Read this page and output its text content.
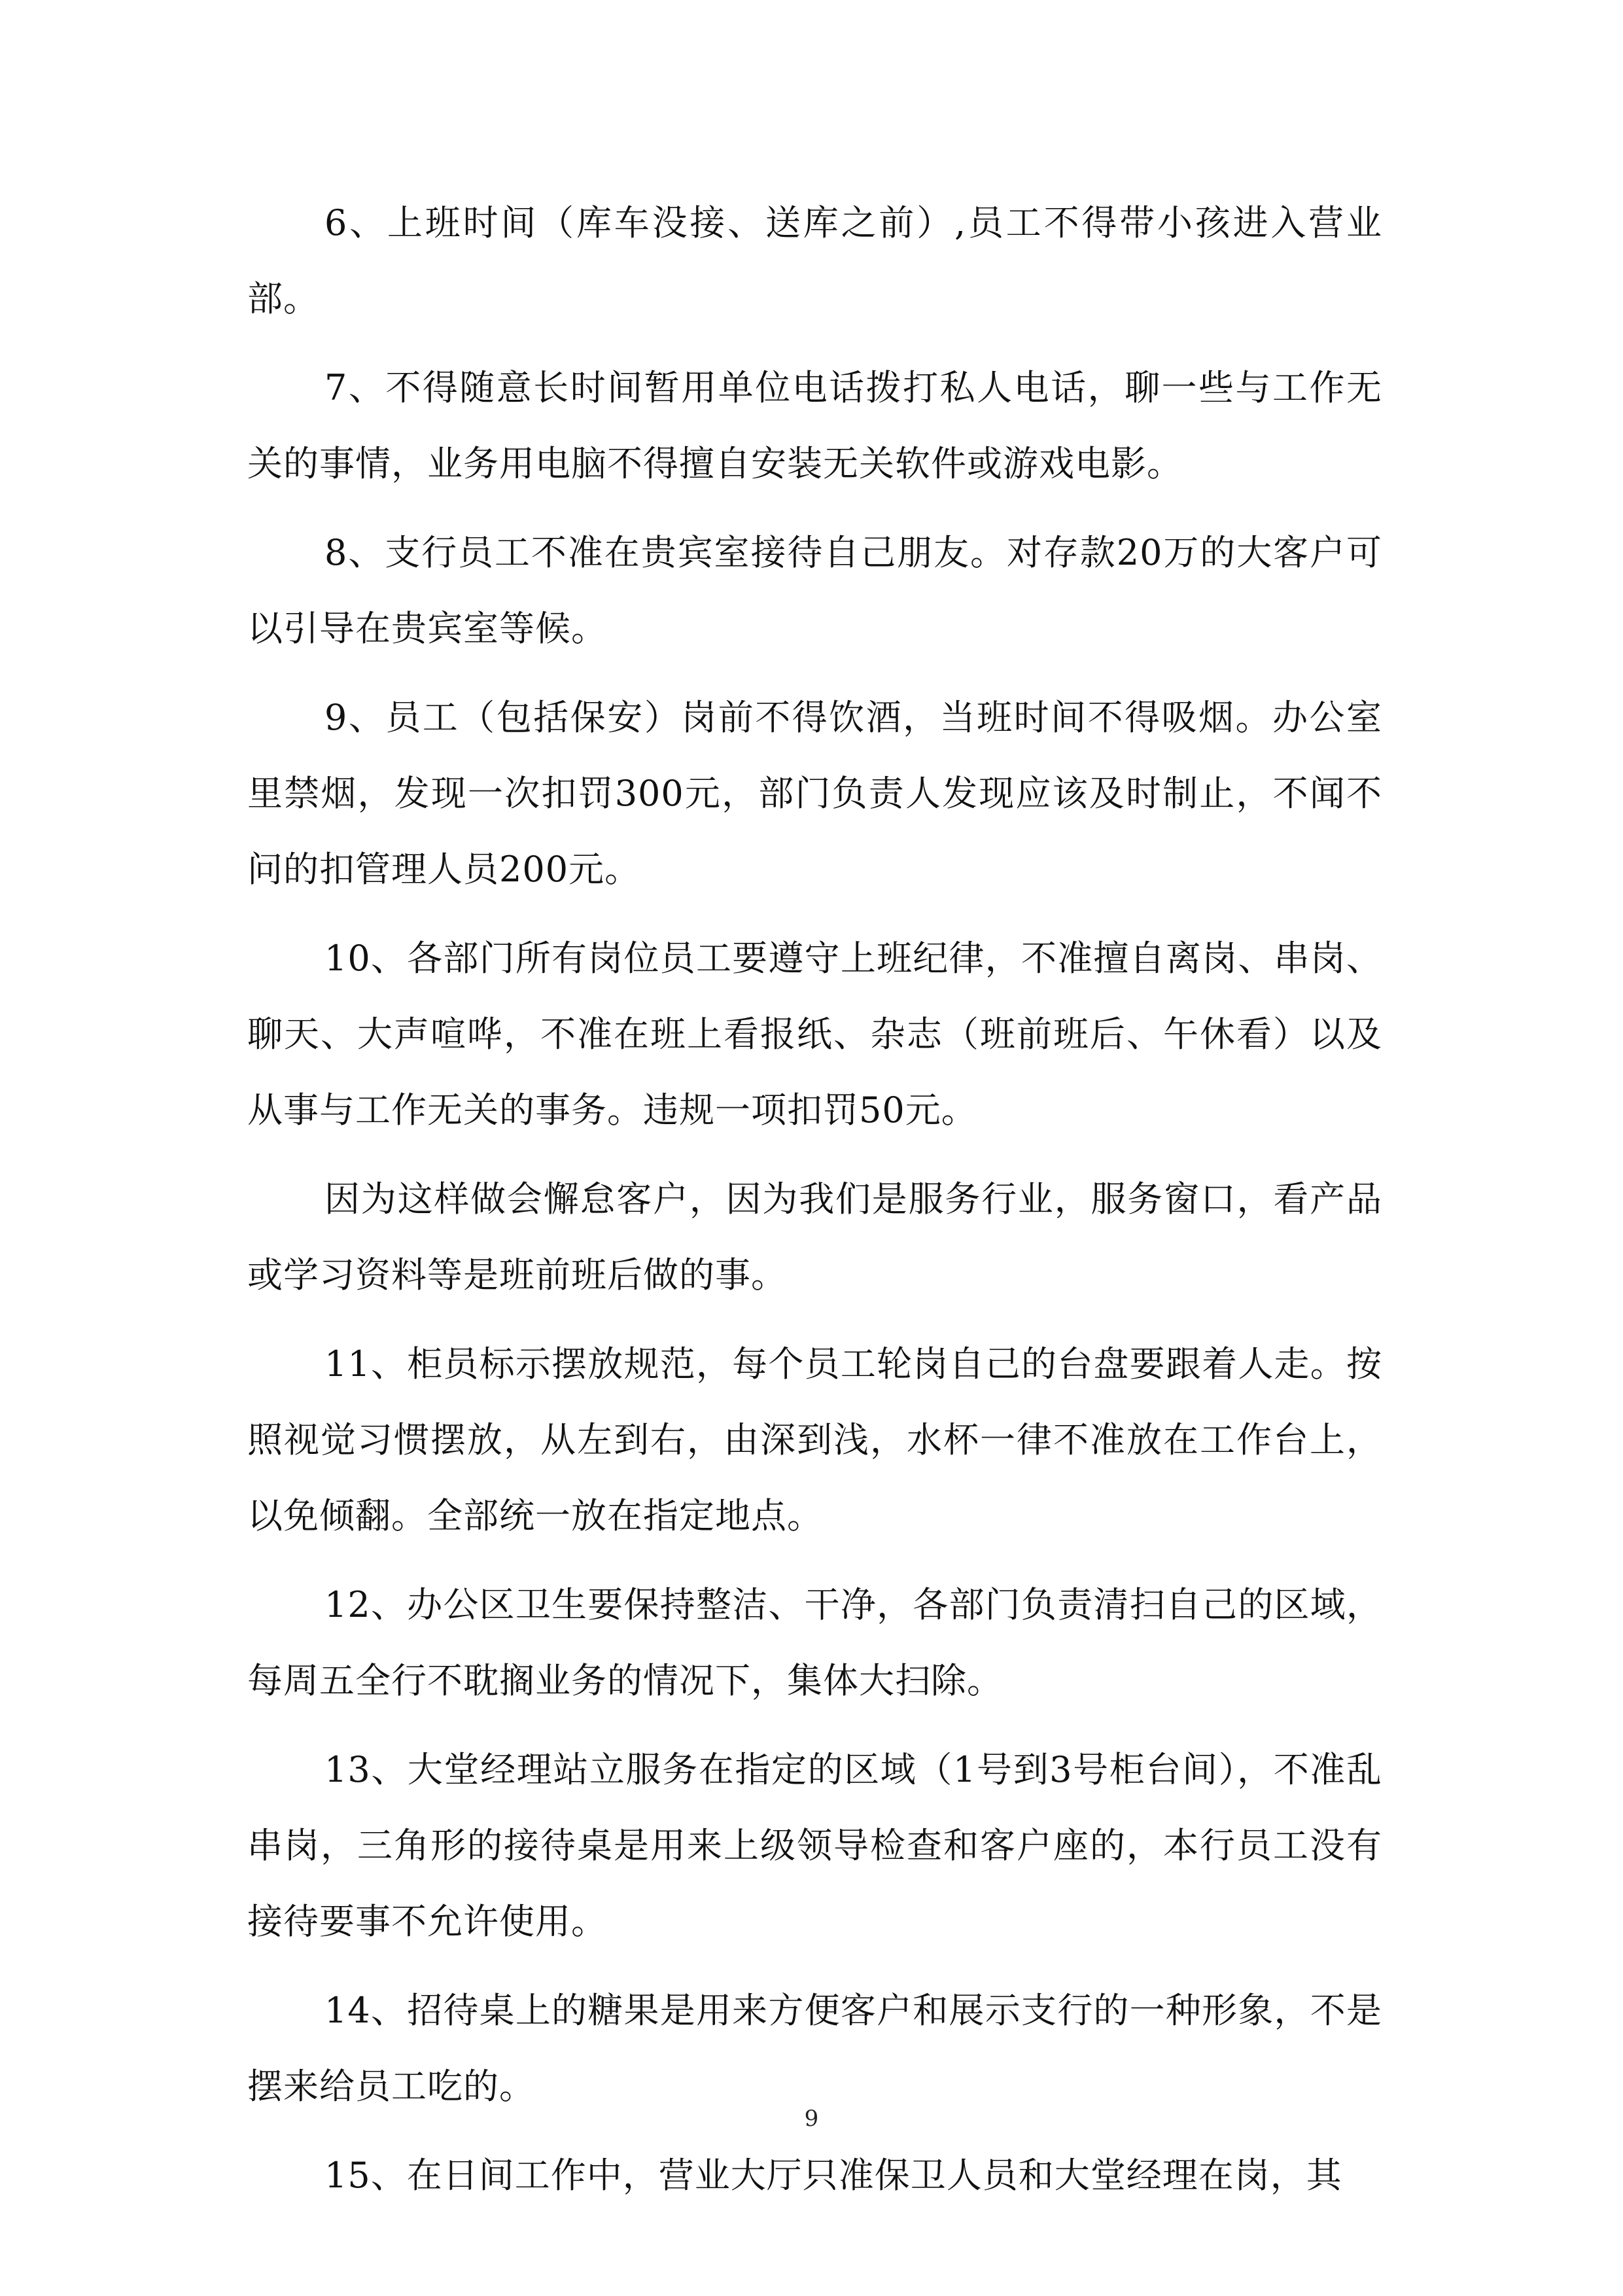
6、上班时间（库车没接、送库之前）,员工不得带小孩进入营业部。

7、不得随意长时间暂用单位电话拨打私人电话，聊一些与工作无关的事情，业务用电脑不得擅自安装无关软件或游戏电影。

8、支行员工不准在贵宾室接待自己朋友。对存款20万的大客户可以引导在贵宾室等候。

9、员工（包括保安）岗前不得饮酒，当班时间不得吸烟。办公室里禁烟，发现一次扣罚300元，部门负责人发现应该及时制止，不闻不问的扣管理人员200元。

10、各部门所有岗位员工要遵守上班纪律，不准擅自离岗、串岗、聊天、大声喧哗，不准在班上看报纸、杂志（班前班后、午休看）以及从事与工作无关的事务。违规一项扣罚50元。

因为这样做会懈怠客户，因为我们是服务行业，服务窗口，看产品或学习资料等是班前班后做的事。

11、柜员标示摆放规范，每个员工轮岗自己的台盘要跟着人走。按照视觉习惯摆放，从左到右，由深到浅，水杯一律不准放在工作台上，以免倾翻。全部统一放在指定地点。

12、办公区卫生要保持整洁、干净，各部门负责清扫自己的区域，每周五全行不耽搁业务的情况下，集体大扫除。

13、大堂经理站立服务在指定的区域（1号到3号柜台间），不准乱串岗，三角形的接待桌是用来上级领导检查和客户座的，本行员工没有接待要事不允许使用。

14、招待桌上的糖果是用来方便客户和展示支行的一种形象，不是摆来给员工吃的。

15、在日间工作中，营业大厅只准保卫人员和大堂经理在岗，其

9
